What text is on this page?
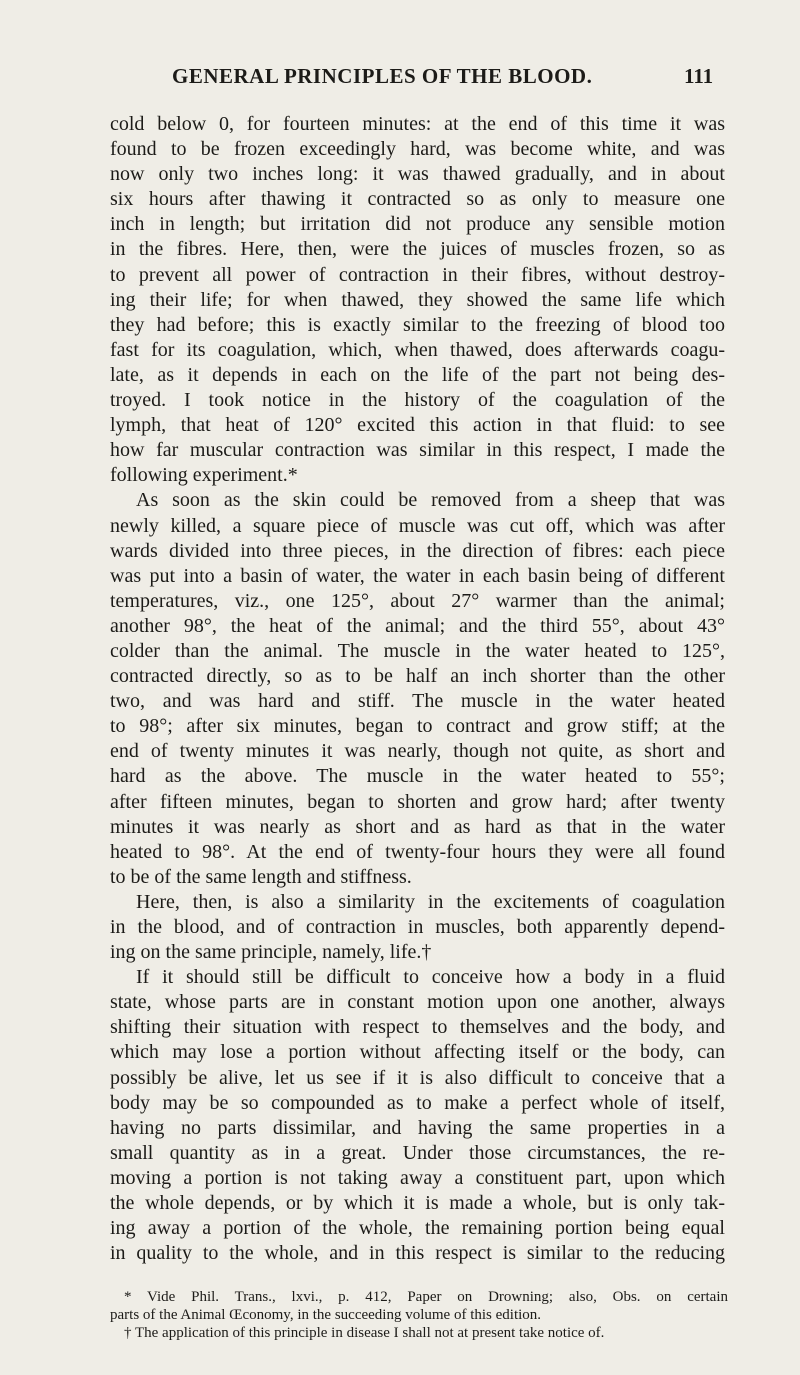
GENERAL PRINCIPLES OF THE BLOOD.	111
cold below 0, for fourteen minutes: at the end of this time it was
found to be frozen exceedingly hard, was become white, and was
now only two inches long: it was thawed gradually, and in about
six hours after thawing it contracted so as only to measure one
inch in length; but irritation did not produce any sensible motion
in the fibres. Here, then, were the juices of muscles frozen, so as
to prevent all power of contraction in their fibres, without destroy-
ing their life; for when thawed, they showed the same life which
they had before; this is exactly similar to the freezing of blood too
fast for its coagulation, which, when thawed, does afterwards coagu-
late, as it depends in each on the life of the part not being des-
troyed. I took notice in the history of the coagulation of the
lymph, that heat of 120° excited this action in that fluid: to see
how far muscular contraction was similar in this respect, I made the
following experiment.*
As soon as the skin could be removed from a sheep that was
newly killed, a square piece of muscle was cut off, which was after
wards divided into three pieces, in the direction of fibres: each piece
was put into a basin of water, the water in each basin being of different
temperatures, viz., one 125°, about 27° warmer than the animal;
another 98°, the heat of the animal; and the third 55°, about 43°
colder than the animal. The muscle in the water heated to 125°,
contracted directly, so as to be half an inch shorter than the other
two, and was hard and stiff. The muscle in the water heated
to 98°; after six minutes, began to contract and grow stiff; at the
end of twenty minutes it was nearly, though not quite, as short and
hard as the above. The muscle in the water heated to 55°;
after fifteen minutes, began to shorten and grow hard; after twenty
minutes it was nearly as short and as hard as that in the water
heated to 98°. At the end of twenty-four hours they were all found
to be of the same length and stiffness.
Here, then, is also a similarity in the excitements of coagulation
in the blood, and of contraction in muscles, both apparently depend-
ing on the same principle, namely, life.†
If it should still be difficult to conceive how a body in a fluid
state, whose parts are in constant motion upon one another, always
shifting their situation with respect to themselves and the body, and
which may lose a portion without affecting itself or the body, can
possibly be alive, let us see if it is also difficult to conceive that a
body may be so compounded as to make a perfect whole of itself,
having no parts dissimilar, and having the same properties in a
small quantity as in a great. Under those circumstances, the re-
moving a portion is not taking away a constituent part, upon which
the whole depends, or by which it is made a whole, but is only tak-
ing away a portion of the whole, the remaining portion being equal
in quality to the whole, and in this respect is similar to the reducing
* Vide Phil. Trans., lxvi., p. 412, Paper on Drowning; also, Obs. on certain
parts of the Animal Œconomy, in the succeeding volume of this edition.
† The application of this principle in disease I shall not at present take notice of.
